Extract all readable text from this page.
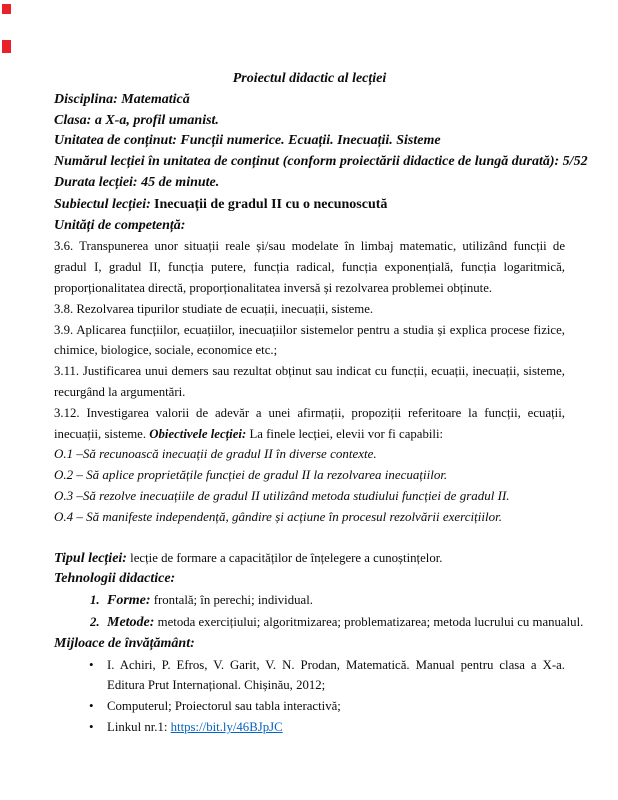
Proiectul didactic al lecției

Disciplina: Matematică

Clasa: a X-a, profil umanist.

Unitatea de conținut: Funcții numerice. Ecuații. Inecuații. Sisteme

Numărul lecției în unitatea de conținut (conform proiectării didactice de lungă durată): 5/52

Durata lecției: 45 de minute.

Subiectul lecției: Inecuații de gradul II cu o necunoscută

Unități de competență:

3.6. Transpunerea unor situații reale și/sau modelate în limbaj matematic, utilizând funcții de gradul I, gradul II, funcția putere, funcția radical, funcția exponențială, funcția logaritmică, proporționalitatea directă, proporționalitatea inversă și rezolvarea problemei obținute.

3.8. Rezolvarea tipurilor studiate de ecuații, inecuații, sisteme.

3.9. Aplicarea funcțiilor, ecuațiilor, inecuațiilor sistemelor pentru a studia și explica procese fizice, chimice, biologice, sociale, economice etc.;

3.11. Justificarea unui demers sau rezultat obținut sau indicat cu funcții, ecuații, inecuații, sisteme, recurgând la argumentări.

3.12. Investigarea valorii de adevăr a unei afirmații, propoziții referitoare la funcții, ecuații, inecuații, sisteme. Obiectivele lecției: La finele lecției, elevii vor fi capabili:

O.1 –Să recunoască inecuații de gradul II în diverse contexte.

O.2 – Să aplice proprietățile funcției de gradul II la rezolvarea inecuațiilor.

O.3 –Să rezolve inecuațiile de gradul II utilizând metoda studiului funcției de gradul II.

O.4 – Să manifeste independență, gândire și acțiune în procesul rezolvării exercițiilor.

Tipul lecției: lecție de formare a capacităților de înțelegere a cunoștințelor.

Tehnologii didactice:

1. Forme: frontală; în perechi; individual.

2. Metode: metoda exercițiului; algoritmizarea; problematizarea; metoda lucrului cu manualul.

Mijloace de învățământ:

• I. Achiri, P. Efros, V. Garit, V. N. Prodan, Matematică. Manual pentru clasa a X-a. Editura Prut Internațional. Chișinău, 2012;

• Computerul; Proiectorul sau tabla interactivă;

• Linkul nr.1: https://bit.ly/46BJpJC
